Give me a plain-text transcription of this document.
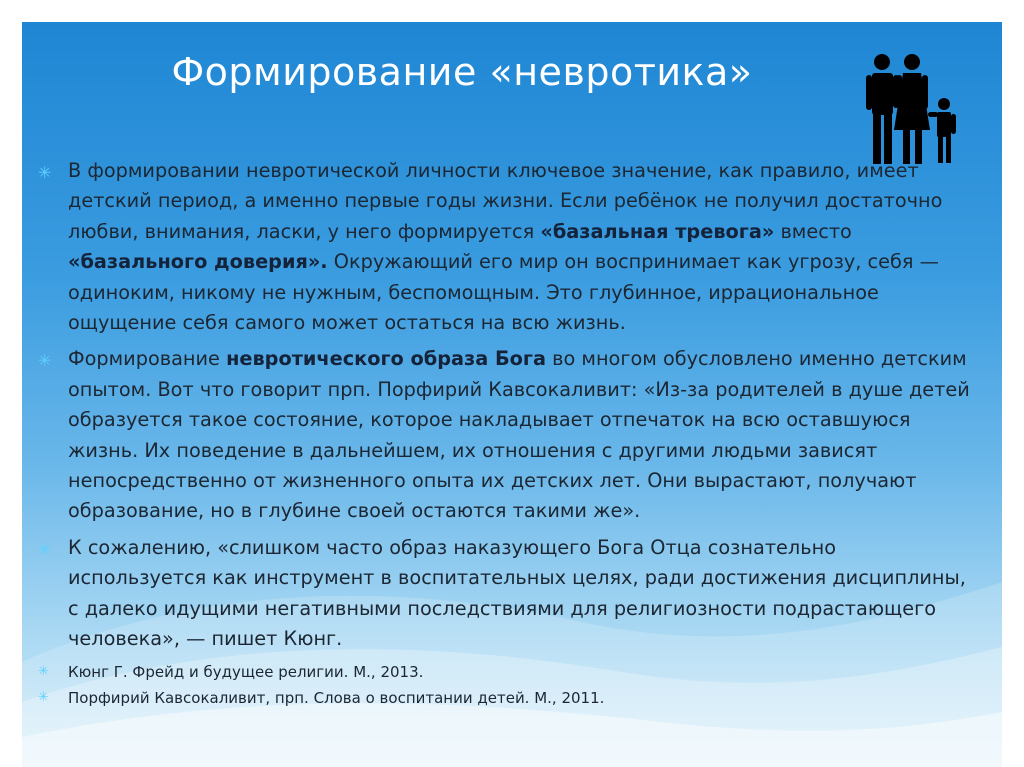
Формирование «невротика»
✳ В формировании невротической личности ключевое значение, как правило, имеет детский период, а именно первые годы жизни. Если ребёнок не получил достаточно любви, внимания, ласки, у него формируется «базальная тревога» вместо «базального доверия». Окружающий его мир он воспринимает как угрозу, себя — одиноким, никому не нужным, беспомощным. Это глубинное, иррациональное ощущение себя самого может остаться на всю жизнь.
✳ Формирование невротического образа Бога во многом обусловлено именно детским опытом. Вот что говорит прп. Порфирий Кавсокаливит: «Из-за родителей в душе детей образуется такое состояние, которое накладывает отпечаток на всю оставшуюся жизнь. Их поведение в дальнейшем, их отношения с другими людьми зависят непосредственно от жизненного опыта их детских лет. Они вырастают, получают образование, но в глубине своей остаются такими же».
✳ К сожалению, «слишком часто образ наказующего Бога Отца сознательно используется как инструмент в воспитательных целях, ради достижения дисциплины, с далеко идущими негативными последствиями для религиозности подрастающего человека», — пишет Кюнг.
✳ Кюнг Г. Фрейд и будущее религии. М., 2013.
✳ Порфирий Кавсокаливит, прп. Слова о воспитании детей. М., 2011.
